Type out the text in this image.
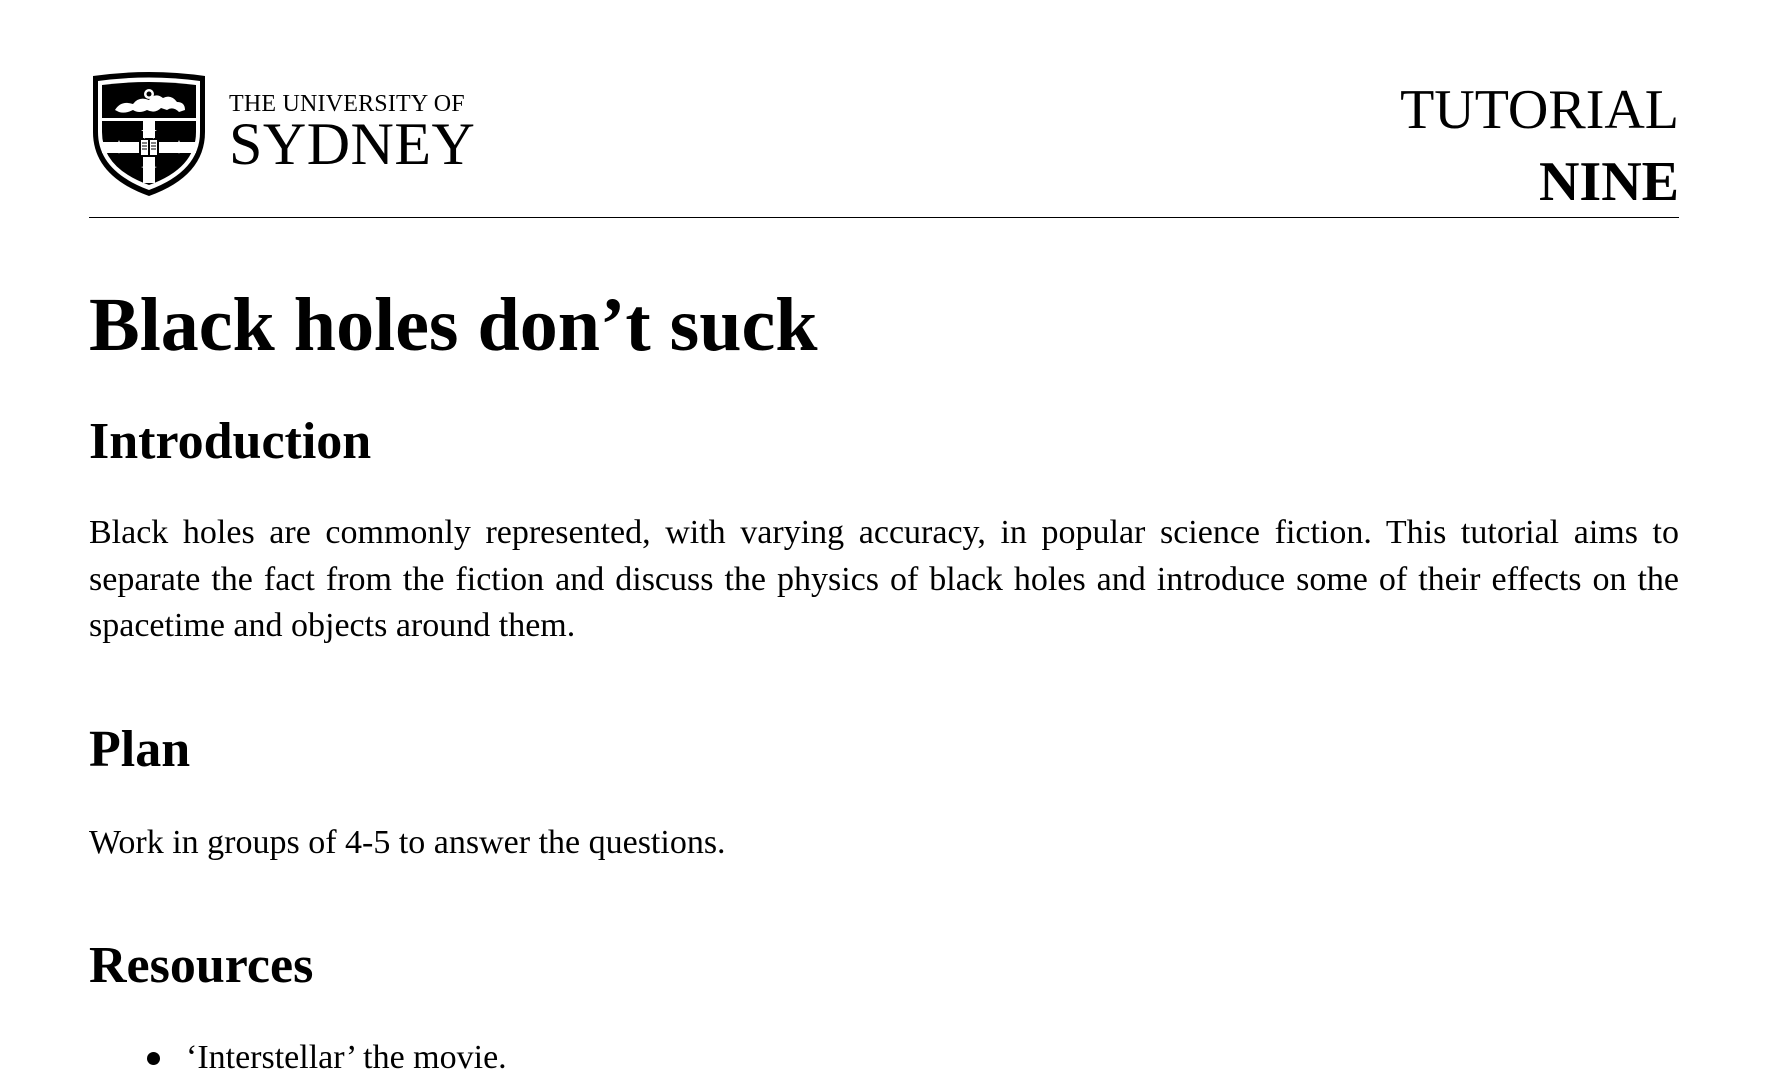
THE UNIVERSITY OF
SYDNEY
TUTORIAL
NINE
Black holes don’t suck
Introduction

Black holes are commonly represented, with varying accuracy, in popular science fiction. This tutorial aims to separate the fact from the fiction and discuss the physics of black holes and introduce some of their effects on the spacetime and objects around them.

Plan

Work in groups of 4-5 to answer the questions.

Resources
‘Interstellar’ the movie.
